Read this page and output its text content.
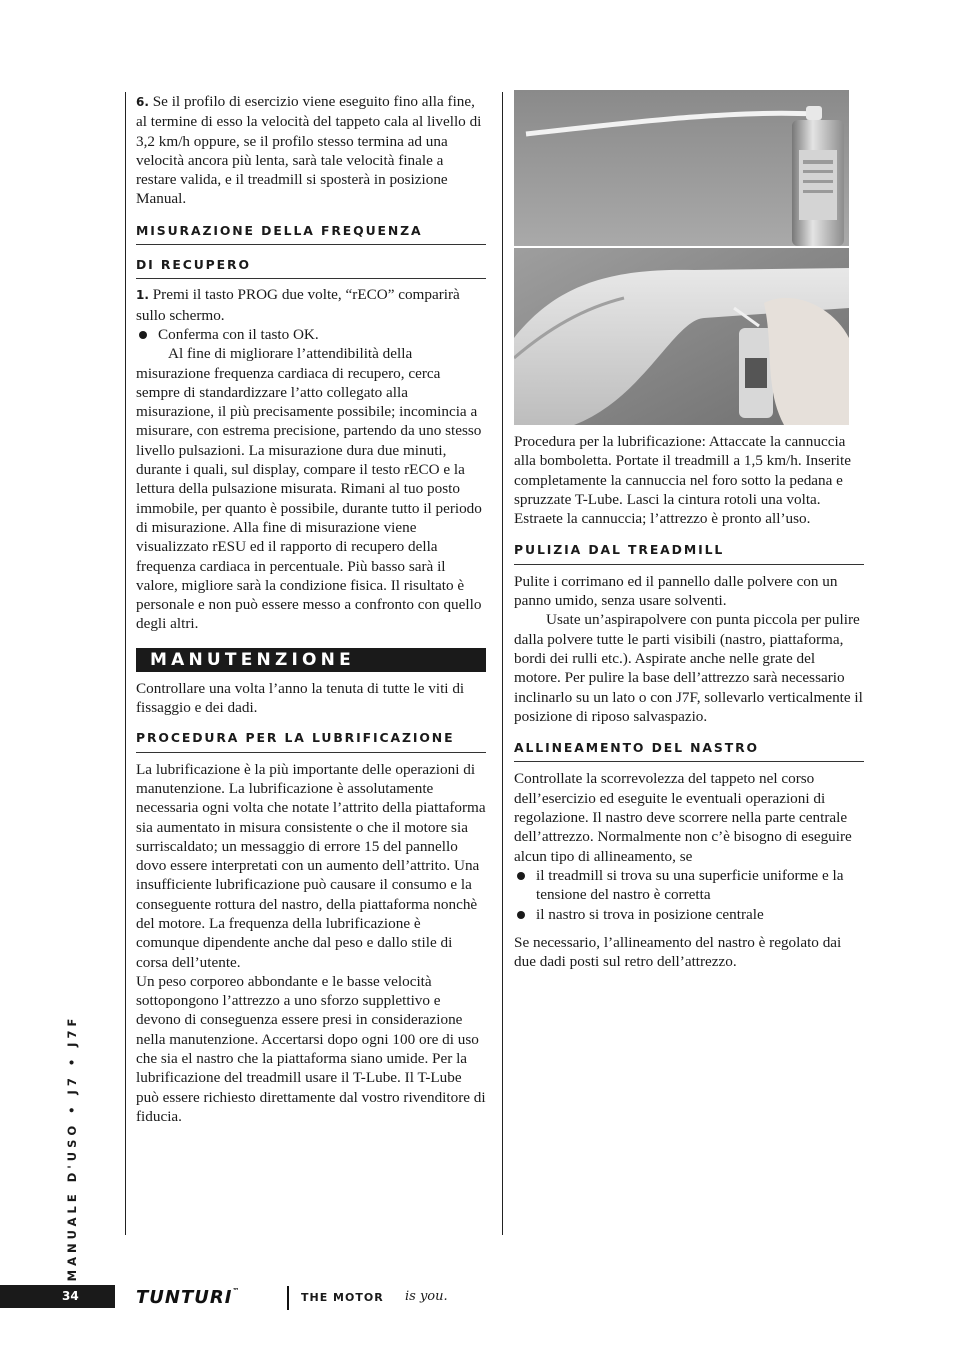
6. Se il profilo di esercizio viene eseguito fino alla fine, al termine di esso la velocità del tappeto cala al livello di 3,2 km/h oppure, se il profilo stesso termina ad una velocità ancora più lenta, sarà tale velocità finale a restare valida, e il treadmill si sposterà in posizione Manual.

MISURAZIONE DELLA FREQUENZA
DI RECUPERO

1. Premi il tasto PROG due volte, “rECO” comparirà sullo schermo.

Conferma con il tasto OK.

Al fine di migliorare l’attendibilità della misurazione frequenza cardiaca di recupero, cerca sempre di standardizzare l’atto collegato alla misurazione, il più precisamente possibile; incomincia a misurare, con estrema precisione, partendo da uno stesso livello pulsazioni. La misurazione dura due minuti, durante i quali, sul display, compare il testo rECO e la lettura della pulsazione misurata. Rimani al tuo posto immobile, per quanto è possibile, durante tutto il periodo di misurazione. Alla fine di misurazione viene visualizzato rESU ed il rapporto di recupero della frequenza cardiaca in percentuale. Più basso sarà il valore, migliore sarà la condizione fisica. Il risultato è personale e non può essere messo a confronto con quello degli altri.

MANUTENZIONE

Controllare una volta l’anno la tenuta di tutte le viti di fissaggio e dei dadi.

PROCEDURA PER LA LUBRIFICAZIONE

La lubrificazione è la più importante delle operazioni di manutenzione. La lubrificazione è assolutamente necessaria ogni volta che notate l’attrito della piattaforma sia aumentato in misura consistente o che il motore sia surriscaldato; un messaggio di errore 15 del pannello dovo essere interpretati con un aumento dell’attrito. Una insufficiente lubrificazione può causare il consumo e la conseguente rottura del nastro, della piattaforma nonchè del motore. La frequenza della lubrificazione è comunque dipendente anche dal peso e dallo stile di corsa dell’utente.

Un peso corporeo abbondante e le basse velocità sottopongono l’attrezzo a uno sforzo supplettivo e devono di conseguenza essere presi in considerazione nella manutenzione. Accertarsi dopo ogni 100 ore di uso che sia el nastro che la piattaforma siano umide. Per la lubrificazione del treadmill usare il T-Lube. Il T-Lube può essere richiesto direttamente dal vostro rivenditore di fiducia.

Procedura per la lubrificazione: Attaccate la cannuccia alla bomboletta. Portate il treadmill a 1,5 km/h. Inserite completamente la cannuccia nel foro sotto la pedana e spruzzate T-Lube. Lasci la cintura rotoli una volta. Estraete la cannuccia; l’attrezzo è pronto all’uso.

PULIZIA DAL TREADMILL

Pulite i corrimano ed il pannello dalle polvere con un panno umido, senza usare solventi.

Usate un’aspirapolvere con punta piccola per pulire dalla polvere tutte le parti visibili (nastro, piattaforma, bordi dei rulli etc.). Aspirate anche nelle grate del motore. Per pulire la base dell’attrezzo sarà necessario inclinarlo su un lato o con J7F, sollevarlo verticalmente il posizione di riposo salvaspazio.

ALLINEAMENTO DEL NASTRO

Controllate la scorrevolezza del tappeto nel corso dell’esercizio ed eseguite le eventuali operazioni di regolazione. Il nastro deve scorrere nella parte centrale dell’attrezzo. Normalmente non c’è bisogno di eseguire alcun tipo di allineamento, se

il treadmill si trova su una superficie uniforme e la tensione del nastro è corretta
il nastro si trova in posizione centrale

Se necessario, l’allineamento del nastro è regolato dai due dadi posti sul retro dell’attrezzo.

MANUALE D'USO • J7 • J7F
34	TUNTURI™	THE MOTOR is you.
